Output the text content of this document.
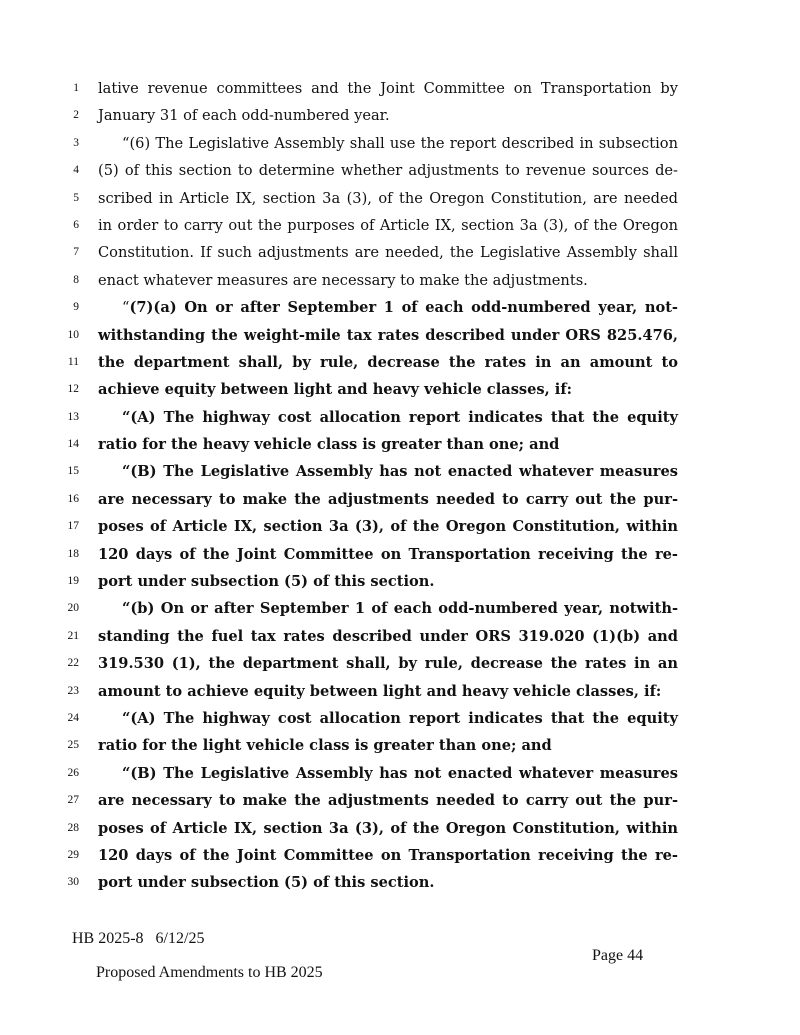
1 lative revenue committees and the Joint Committee on Transportation by
2 January 31 of each odd-numbered year.
3	“(6) The Legislative Assembly shall use the report described in subsection
4 (5) of this section to determine whether adjustments to revenue sources de-
5 scribed in Article IX, section 3a (3), of the Oregon Constitution, are needed
6 in order to carry out the purposes of Article IX, section 3a (3), of the Oregon
7 Constitution. If such adjustments are needed, the Legislative Assembly shall
8 enact whatever measures are necessary to make the adjustments.
9	“(7)(a) On or after September 1 of each odd-numbered year, not-
10 withstanding the weight-mile tax rates described under ORS 825.476,
11 the department shall, by rule, decrease the rates in an amount to
12 achieve equity between light and heavy vehicle classes, if:
13	“(A) The highway cost allocation report indicates that the equity
14 ratio for the heavy vehicle class is greater than one; and
15	“(B) The Legislative Assembly has not enacted whatever measures
16 are necessary to make the adjustments needed to carry out the pur-
17 poses of Article IX, section 3a (3), of the Oregon Constitution, within
18 120 days of the Joint Committee on Transportation receiving the re-
19 port under subsection (5) of this section.
20	“(b) On or after September 1 of each odd-numbered year, notwith-
21 standing the fuel tax rates described under ORS 319.020 (1)(b) and
22 319.530 (1), the department shall, by rule, decrease the rates in an
23 amount to achieve equity between light and heavy vehicle classes, if:
24	“(A) The highway cost allocation report indicates that the equity
25 ratio for the light vehicle class is greater than one; and
26	“(B) The Legislative Assembly has not enacted whatever measures
27 are necessary to make the adjustments needed to carry out the pur-
28 poses of Article IX, section 3a (3), of the Oregon Constitution, within
29 120 days of the Joint Committee on Transportation receiving the re-
30 port under subsection (5) of this section.
HB 2025-8   6/12/25

Proposed Amendments to HB 2025

Page 44
